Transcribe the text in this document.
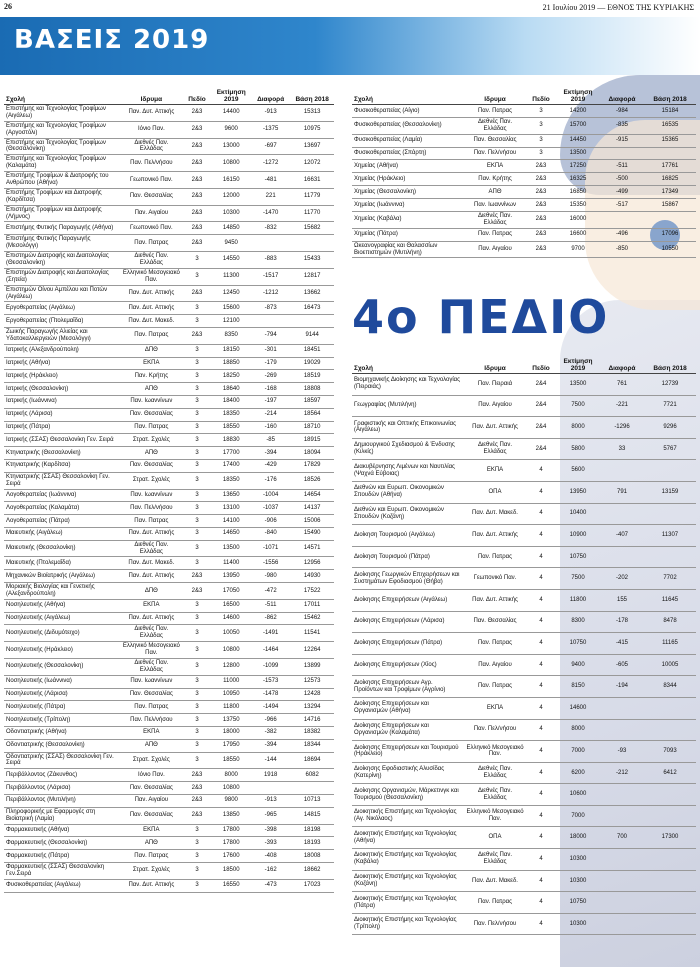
26	21 Ιουλίου 2019 — ΕΘΝΟΣ ΤΗΣ ΚΥΡΙΑΚΗΣ
ΒΑΣΕΙΣ 2019
Σχολή	Ιδρυμα	Πεδίο	Εκτίμηση 2019	Διαφορά	Βάση 2018
Επιστήμης και Τεχνολογίας Τροφίμων (Αιγάλεω)	Παν. Δυτ. Αττικής	2&3	14400	-913	15313
Επιστήμης και Τεχνολογίας Τροφίμων (Αργοστόλι)	Ιόνιο Παν.	2&3	9600	-1375	10975
Επιστήμης και Τεχνολογίας Τροφίμων (Θεσσαλονίκη)	Διεθνές Παν. Ελλάδας	2&3	13000	-697	13697
Επιστήμης και Τεχνολογίας Τροφίμων (Καλαμάτα)	Παν. Πελ/νήσου	2&3	10800	-1272	12072
Επιστήμης Τροφίμων & Διατροφής του Ανθρώπου (Αθήνα)	Γεωπονικό Παν.	2&3	16150	-481	16631
Επιστήμης Τροφίμων και Διατροφής (Καρδίτσα)	Παν. Θεσσαλίας	2&3	12000	221	11779
Επιστήμης Τροφίμων και Διατροφής (Λήμνος)	Παν. Αιγαίου	2&3	10300	-1470	11770
Επιστήμης Φυτικής Παραγωγής (Αθήνα)	Γεωπονικό Παν.	2&3	14850	-832	15682
Επιστήμης Φυτικής Παραγωγής (Μεσολόγγι)	Παν. Πατρας	2&3	9450		
Επιστημών Διατροφής και Διαιτολογίας (Θεσσαλονίκη)	Διεθνές Παν. Ελλάδας	3	14550	-883	15433
Επιστημών Διατροφής και Διαιτολογίας (Σητεία)	Ελληνικό Μεσογειακό Παν.	3	11300	-1517	12817
Επιστημών Οίνου Αμπέλου και Ποτών (Αιγάλεω)	Παν. Δυτ. Αττικής	2&3	12450	-1212	13662
Εργοθεραπείας (Αιγάλεω)	Παν. Δυτ. Αττικής	3	15600	-873	16473
Εργοθεραπείας (Πτολεμαΐδα)	Παν. Δυτ. Μακεδ.	3	12100		
Ζωικής Παραγωγής Αλιείας και Υδατοκαλλιεργειών (Μεσολόγγι)	Παν. Πατρας	2&3	8350	-794	9144
Ιατρικής (Αλεξανδρούπολη)	ΔΠΘ	3	18150	-301	18451
Ιατρικής (Αθήνα)	ΕΚΠΑ	3	18850	-179	19029
Ιατρικής (Ηράκλειο)	Παν. Κρήτης	3	18250	-269	18519
Ιατρικής (Θεσσαλονίκη)	ΑΠΘ	3	18640	-168	18808
Ιατρικής (Ιωάννινα)	Παν. Ιωαννίνων	3	18400	-197	18597
Ιατρικής (Λάρισα)	Παν. Θεσσαλίας	3	18350	-214	18564
Ιατρικής (Πάτρα)	Παν. Πατρας	3	18550	-160	18710
Ιατρικής (ΣΣΑΣ) Θεσσαλονίκη Γεν. Σειρά	Στρατ. Σχολές	3	18830	-85	18915
Κτηνιατρικής (Θεσσαλονίκη)	ΑΠΘ	3	17700	-394	18094
Κτηνιατρικής (Καρδίτσα)	Παν. Θεσσαλίας	3	17400	-429	17829
Κτηνιατρικής (ΣΣΑΣ) Θεσσαλονίκη Γεν. Σειρά	Στρατ. Σχολές	3	18350	-176	18526
Λογοθεραπείας (Ιωάννινα)	Παν. Ιωαννίνων	3	13650	-1004	14654
Λογοθεραπείας (Καλαμάτα)	Παν. Πελ/νήσου	3	13100	-1037	14137
Λογοθεραπείας (Πάτρα)	Παν. Πατρας	3	14100	-906	15006
Μαιευτικής (Αιγάλεω)	Παν. Δυτ. Αττικής	3	14650	-840	15490
Μαιευτικής (Θεσσαλονίκη)	Διεθνές Παν. Ελλάδας	3	13500	-1071	14571
Μαιευτικής (Πτολεμαΐδα)	Παν. Δυτ. Μακεδ.	3	11400	-1556	12956
Μηχανικών Βιοϊατρικής (Αιγάλεω)	Παν. Δυτ. Αττικής	2&3	13950	-980	14930
Μοριακής Βιολογίας και Γενετικής (Αλεξανδρούπολη)	ΔΠΘ	2&3	17050	-472	17522
Νοσηλευτικής (Αθήνα)	ΕΚΠΑ	3	16500	-511	17011
Νοσηλευτικής (Αιγάλεω)	Παν. Δυτ. Αττικής	3	14600	-862	15462
Νοσηλευτικής (Διδυμότειχο)	Διεθνές Παν. Ελλάδας	3	10050	-1491	11541
Νοσηλευτικής (Ηράκλειο)	Ελληνικό Μεσογειακό Παν.	3	10800	-1464	12264
Νοσηλευτικής (Θεσσαλονίκη)	Διεθνές Παν. Ελλάδας	3	12800	-1099	13899
Νοσηλευτικής (Ιωάννινα)	Παν. Ιωαννίνων	3	11000	-1573	12573
Νοσηλευτικής (Λάρισα)	Παν. Θεσσαλίας	3	10950	-1478	12428
Νοσηλευτικής (Πάτρα)	Παν. Πατρας	3	11800	-1494	13294
Νοσηλευτικής (Τρίπολη)	Παν. Πελ/νήσου	3	13750	-966	14716
Οδοντιατρικής (Αθήνα)	ΕΚΠΑ	3	18000	-382	18382
Οδοντιατρικής (Θεσσαλονίκη)	ΑΠΘ	3	17950	-394	18344
Οδοντιατρικής (ΣΣΑΣ) Θεσσαλονίκη Γεν. Σειρά	Στρατ. Σχολές	3	18550	-144	18694
Περιβάλλοντος (Ζάκυνθος)	Ιόνιο Παν.	2&3	8000	1918	6082
Περιβάλλοντος (Λάρισα)	Παν. Θεσσαλίας	2&3	10800		
Περιβάλλοντος (Μυτιλήνη)	Παν. Αιγαίου	2&3	9800	-913	10713
Πληροφορικής με Εφαρμογές στη Βιοϊατρική (Λαμία)	Παν. Θεσσαλίας	2&3	13850	-965	14815
Φαρμακευτικής (Αθήνα)	ΕΚΠΑ	3	17800	-398	18198
Φαρμακευτικής (Θεσσαλονίκη)	ΑΠΘ	3	17800	-393	18193
Φαρμακευτικής (Πάτρα)	Παν. Πατρας	3	17600	-408	18008
Φαρμακευτικής (ΣΣΑΣ) Θεσσαλονίκη Γεν.Σειρά	Στρατ. Σχολές	3	18500	-162	18662
Φυσικοθεραπείας (Αιγάλεω)	Παν. Δυτ. Αττικής	3	16550	-473	17023
Σχολή	Ιδρυμα	Πεδίο	Εκτίμηση 2019	Διαφορά	Βάση 2018
Φυσικοθεραπείας (Αίγιο)	Παν. Πατρας	3	14200	-984	15184
Φυσικοθεραπείας (Θεσσαλονίκη)	Διεθνές Παν. Ελλάδας	3	15700	-835	16535
Φυσικοθεραπείας (Λαμία)	Παν. Θεσσαλίας	3	14450	-915	15365
Φυσικοθεραπείας (Σπάρτη)	Παν. Πελ/νήσου	3	13500		
Χημείας (Αθήνα)	ΕΚΠΑ	2&3	17250	-511	17761
Χημείας (Ηράκλειο)	Παν. Κρήτης	2&3	16325	-500	16825
Χημείας (Θεσσαλονίκη)	ΑΠΘ	2&3	16850	-499	17349
Χημείας (Ιωάννινα)	Παν. Ιωαννίνων	2&3	15350	-517	15867
Χημείας (Καβάλα)	Διεθνές Παν. Ελλάδας	2&3	16000		
Χημείας (Πάτρα)	Παν. Πατρας	2&3	16600	-496	17096
Ωκεανογραφίας και Θαλασσίων Βιοεπιστημών (Μυτιλήνη)	Παν. Αιγαίου	2&3	9700	-850	10550
4ο ΠΕΔΙΟ
Σχολή	Ιδρυμα	Πεδίο	Εκτίμηση 2019	Διαφορά	Βάση 2018
Βιομηχανικής Διοίκησης και Τεχνολογίας (Πειραιάς)	Παν. Πειραιά	2&4	13500	761	12739
Γεωγραφίας (Μυτιλήνη)	Παν. Αιγαίου	2&4	7500	-221	7721
Γραφιστικής και Οπτικής Επικοινωνίας (Αιγάλεω)	Παν. Δυτ. Αττικής	2&4	8000	-1296	9296
Δημιουργικού Σχεδιασμού & Ένδυσης (Κιλκίς)	Διεθνές Παν. Ελλάδας	2&4	5800	33	5767
Διακυβέρνησης Λιμένων και Ναυτιλίας (Ψαχνά Εύβοιας)	ΕΚΠΑ	4	5600		
Διεθνών και Ευρωπ. Οικονομικών Σπουδών (Αθήνα)	ΟΠΑ	4	13950	791	13159
Διεθνών και Ευρωπ. Οικονομικών Σπουδών (Κοζάνη)	Παν. Δυτ. Μακεδ.	4	10400		
Διοίκηση Τουρισμού (Αιγάλεω)	Παν. Δυτ. Αττικής	4	10900	-407	11307
Διοίκηση Τουρισμού (Πάτρα)	Παν. Πατρας	4	10750		
Διοίκησης Γεωργικών Επιχειρήσεων και Συστημάτων Εφοδιασμού (Θήβα)	Γεωπονικό Παν.	4	7500	-202	7702
Διοίκησης Επιχειρήσεων (Αιγάλεω)	Παν. Δυτ. Αττικής	4	11800	155	11645
Διοίκησης Επιχειρήσεων (Λάρισα)	Παν. Θεσσαλίας	4	8300	-178	8478
Διοίκησης Επιχειρήσεων (Πάτρα)	Παν. Πατρας	4	10750	-415	11165
Διοίκησης Επιχειρήσεων (Χίος)	Παν. Αιγαίου	4	9400	-605	10005
Διοίκησης Επιχειρήσεων Αγρ. Προϊόντων και Τροφίμων (Αγρίνιο)	Παν. Πατρας	4	8150	-194	8344
Διοίκησης Επιχειρήσεων και Οργανισμών (Αθήνα)	ΕΚΠΑ	4	14600		
Διοίκησης Επιχειρήσεων και Οργανισμών (Καλαμάτα)	Παν. Πελ/νήσου	4	8000		
Διοίκησης Επιχειρήσεων και Τουρισμού (Ηράκλειο)	Ελληνικό Μεσογειακό Παν.	4	7000	-93	7093
Διοίκησης Εφοδιαστικής Αλυσίδας (Κατερίνη)	Διεθνές Παν. Ελλάδας	4	6200	-212	6412
Διοίκησης Οργανισμών, Μάρκετινγκ και Τουρισμού (Θεσσαλονίκη)	Διεθνές Παν. Ελλάδας	4	10600		
Διοικητικής Επιστήμης και Τεχνολογίας (Αγ. Νικόλαος)	Ελληνικό Μεσογειακό Παν.	4	7000		
Διοικητικής Επιστήμης και Τεχνολογίας (Αθήνα)	ΟΠΑ	4	18000	700	17300
Διοικητικής Επιστήμης και Τεχνολογίας (Καβάλα)	Διεθνές Παν. Ελλάδας	4	10300		
Διοικητικής Επιστήμης και Τεχνολογίας (Κοζάνη)	Παν. Δυτ. Μακεδ.	4	10300		
Διοικητικής Επιστήμης και Τεχνολογίας (Πάτρα)	Παν. Πατρας	4	10750		
Διοικητικής Επιστήμης και Τεχνολογίας (Τρίπολη)	Παν. Πελ/νήσου	4	10300		
